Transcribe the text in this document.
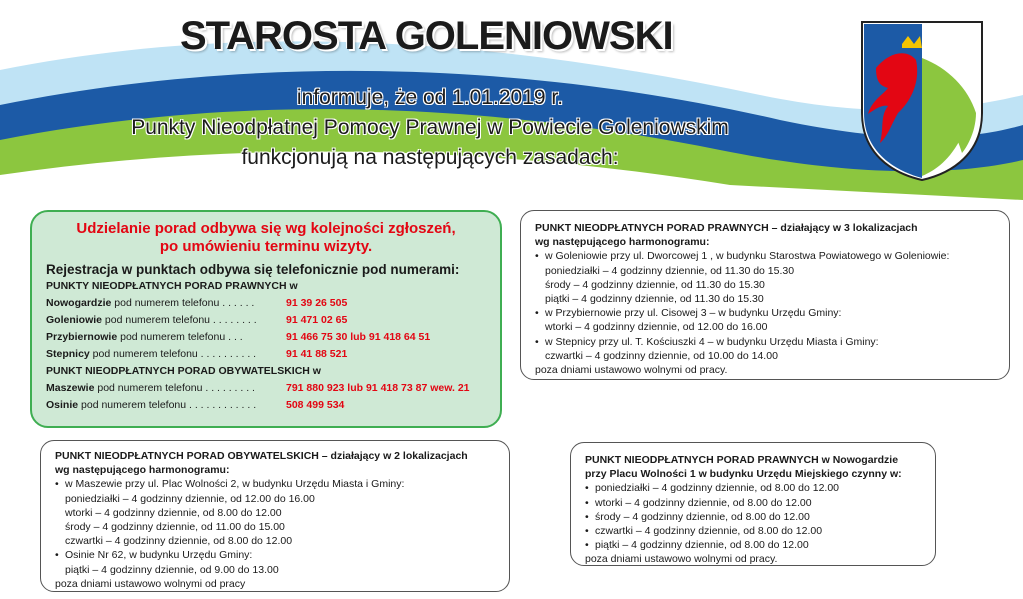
STAROSTA GOLENIOWSKI
informuje, że od 1.01.2019 r.
Punkty Nieodpłatnej Pomocy Prawnej w Powiecie Goleniowskim
funkcjonują na następujących zasadach:
Udzielanie porad odbywa się wg kolejności zgłoszeń,
po umówieniu terminu wizyty.
Rejestracja w punktach odbywa się telefonicznie pod numerami:
PUNKTY NIEODPŁATNYCH PORAD PRAWNYCH w
Nowogardzie pod numerem telefonu . . . . . .	91 39 26 505
Goleniowie pod numerem telefonu . . . . . . . .	91 471 02 65
Przybiernowie pod numerem telefonu . . .	91 466 75 30 lub 91 418 64 51
Stepnicy pod numerem telefonu . . . . . . . . . .	91 41 88 521
PUNKT NIEODPŁATNYCH PORAD OBYWATELSKICH w
Maszewie pod numerem telefonu . . . . . . . . .	791 880 923 lub 91 418 73 87 wew. 21
Osinie pod numerem telefonu . . . . . . . . . . . .	508 499 534

PUNKT NIEODPŁATNYCH PORAD PRAWNYCH – działający w 3 lokalizacjach

wg następującego harmonogramu:

• w Goleniowie przy ul. Dworcowej 1 , w budynku Starostwa Powiatowego w Goleniowie:

poniedziałki – 4 godzinny dziennie, od 11.30 do 15.30

środy – 4 godzinny dziennie, od 11.30 do 15.30

piątki – 4 godzinny dziennie, od 11.30 do 15.30

• w Przybiernowie przy ul. Cisowej 3 – w budynku Urzędu Gminy:

wtorki – 4 godzinny dziennie, od 12.00 do 16.00

• w Stepnicy przy ul. T. Kościuszki 4 – w budynku Urzędu Miasta i Gminy:

czwartki – 4 godzinny dziennie, od 10.00 do 14.00

poza dniami ustawowo wolnymi od pracy.

PUNKT NIEODPŁATNYCH PORAD OBYWATELSKICH – działający w 2 lokalizacjach

wg następującego harmonogramu:

• w Maszewie przy ul. Plac Wolności 2, w budynku Urzędu Miasta i Gminy:

poniedziałki – 4 godzinny dziennie, od 12.00 do 16.00

wtorki – 4 godzinny dziennie, od 8.00 do 12.00

środy – 4 godzinny dziennie, od 11.00 do 15.00

czwartki – 4 godzinny dziennie, od 8.00 do 12.00

• Osinie Nr 62, w budynku Urzędu Gminy:

piątki – 4 godzinny dziennie, od 9.00 do 13.00

poza dniami ustawowo wolnymi od pracy

PUNKT NIEODPŁATNYCH PORAD PRAWNYCH w Nowogardzie

przy Placu Wolności 1 w budynku Urzędu Miejskiego czynny w:

• poniedziałki – 4 godzinny dziennie, od 8.00 do 12.00

• wtorki – 4 godzinny dziennie, od 8.00 do 12.00

• środy – 4 godzinny dziennie, od 8.00 do 12.00

• czwartki – 4 godzinny dziennie, od 8.00 do 12.00

• piątki – 4 godzinny dziennie, od 8.00 do 12.00

poza dniami ustawowo wolnymi od pracy.
